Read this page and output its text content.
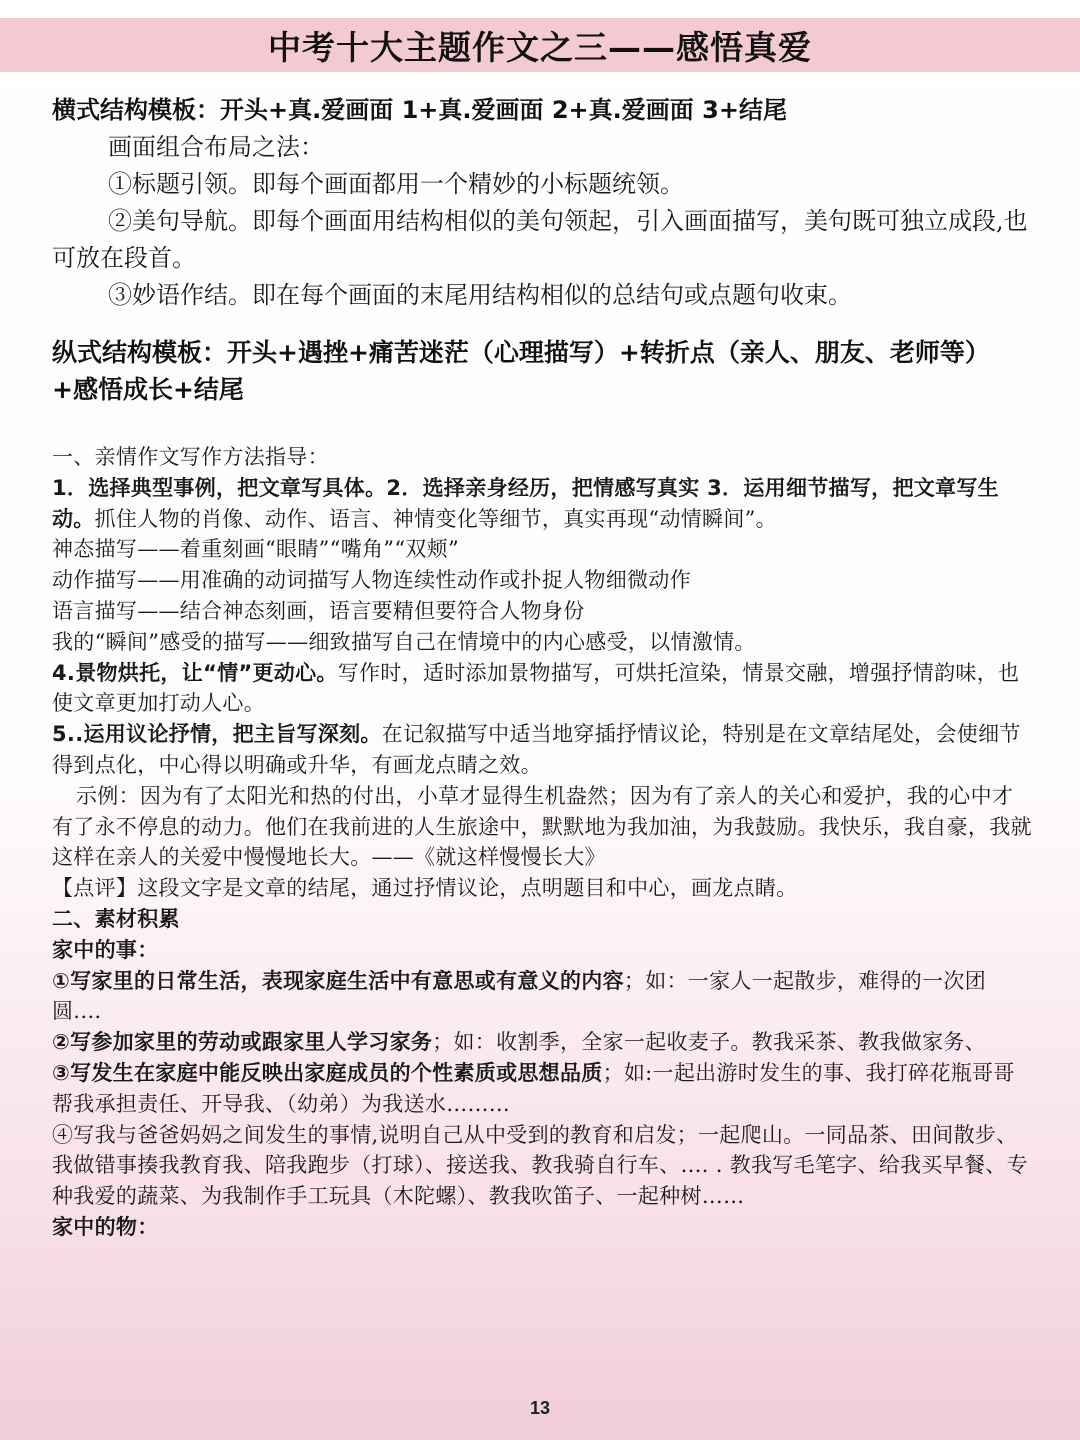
中考十大主题作文之三——感悟真爱

横式结构模板：开头+真.爱画面 1+真.爱画面 2+真.爱画面 3+结尾

画面组合布局之法：

①标题引领。即每个画面都用一个精妙的小标题统领。

②美句导航。即每个画面用结构相似的美句领起，引入画面描写，美句既可独立成段,也可放在段首。

③妙语作结。即在每个画面的末尾用结构相似的总结句或点题句收束。

纵式结构模板：开头+遇挫+痛苦迷茫（心理描写）+转折点（亲人、朋友、老师等）+感悟成长+结尾

一、亲情作文写作方法指导：

1．选择典型事例，把文章写具体。2．选择亲身经历，把情感写真实 3．运用细节描写，把文章写生动。抓住人物的肖像、动作、语言、神情变化等细节，真实再现“动情瞬间”。

神态描写——着重刻画“眼睛”“嘴角”“双颊”

动作描写——用准确的动词描写人物连续性动作或扑捉人物细微动作

语言描写——结合神态刻画，语言要精但要符合人物身份

我的“瞬间”感受的描写——细致描写自己在情境中的内心感受，以情激情。

4.景物烘托，让“情”更动心。写作时，适时添加景物描写，可烘托渲染，情景交融，增强抒情韵味，也使文章更加打动人心。

5..运用议论抒情，把主旨写深刻。在记叙描写中适当地穿插抒情议论，特别是在文章结尾处，会使细节得到点化，中心得以明确或升华，有画龙点睛之效。

示例：因为有了太阳光和热的付出，小草才显得生机盎然；因为有了亲人的关心和爱护，我的心中才有了永不停息的动力。他们在我前进的人生旅途中，默默地为我加油，为我鼓励。我快乐，我自豪，我就这样在亲人的关爱中慢慢地长大。——《就这样慢慢长大》

【点评】这段文字是文章的结尾，通过抒情议论，点明题目和中心，画龙点睛。

二、素材积累

家中的事：

①写家里的日常生活，表现家庭生活中有意思或有意义的内容；如：一家人一起散步，难得的一次团圆.…

②写参加家里的劳动或跟家里人学习家务；如：收割季，全家一起收麦子。教我采茶、教我做家务、

③写发生在家庭中能反映出家庭成员的个性素质或思想品质；如:一起出游时发生的事、我打碎花瓶哥哥帮我承担责任、开导我、（幼弟）为我送水………

④写我与爸爸妈妈之间发生的事情,说明自己从中受到的教育和启发；一起爬山。一同品茶、田间散步、我做错事揍我教育我、陪我跑步（打球）、接送我、教我骑自行车、…. . 教我写毛笔字、给我买早餐、专种我爱的蔬菜、为我制作手工玩具（木陀螺）、教我吹笛子、一起种树……

家中的物：

13
